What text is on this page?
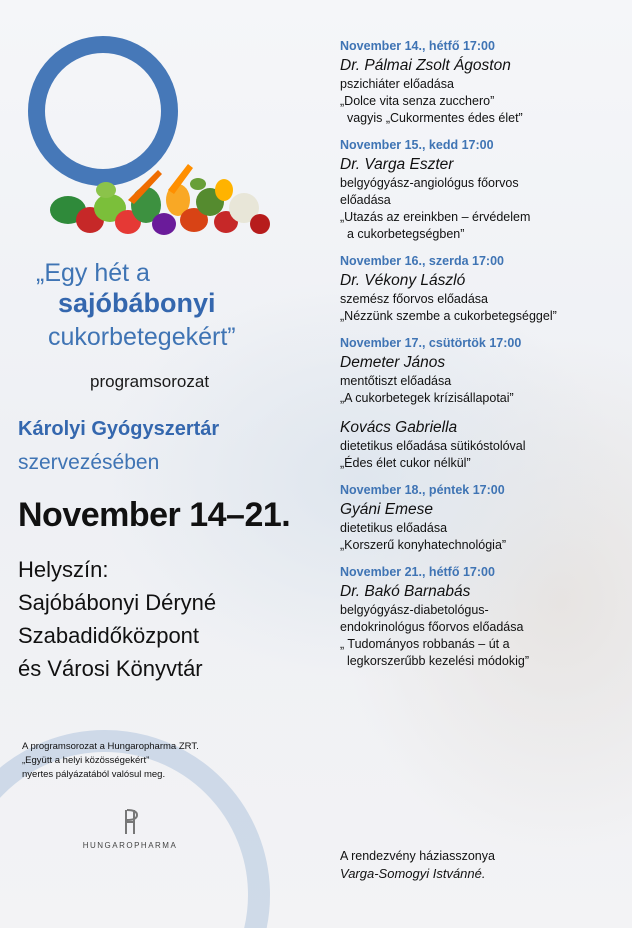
„Egy hét a
sajóbábonyi
cukorbetegekért”
programsorozat
Károlyi Gyógyszertár
szervezésében
November 14–21.
Helyszín:
Sajóbábonyi Déryné
Szabadidőközpont
és Városi Könyvtár
A programsorozat a Hungaropharma ZRT.
„Együtt a helyi közösségekért”
nyertes pályázatából valósul meg.
HUNGAROPHARMA
November 14., hétfő 17:00
Dr. Pálmai Zsolt Ágoston
pszichiáter előadása
„Dolce vita senza zucchero”
vagyis „Cukormentes édes élet”
November 15., kedd 17:00
Dr. Varga Eszter
belgyógyász-angiológus főorvos
előadása
„Utazás az ereinkben – érvédelem
a cukorbetegségben”
November 16., szerda 17:00
Dr. Vékony László
szemész főorvos előadása
„Nézzünk szembe a cukorbetegséggel”
November 17., csütörtök 17:00
Demeter János
mentőtiszt előadása
„A cukorbetegek krízisállapotai”
Kovács Gabriella
dietetikus előadása sütikóstolóval
„Édes élet cukor nélkül”
November 18., péntek 17:00
Gyáni Emese
dietetikus előadása
„Korszerű konyhatechnológia”
November 21., hétfő 17:00
Dr. Bakó Barnabás
belgyógyász-diabetológus-
endokrinológus főorvos előadása
„ Tudományos robbanás – út a
legkorszerűbb kezelési módokig”
A rendezvény háziasszonya
Varga-Somogyi Istvánné.
